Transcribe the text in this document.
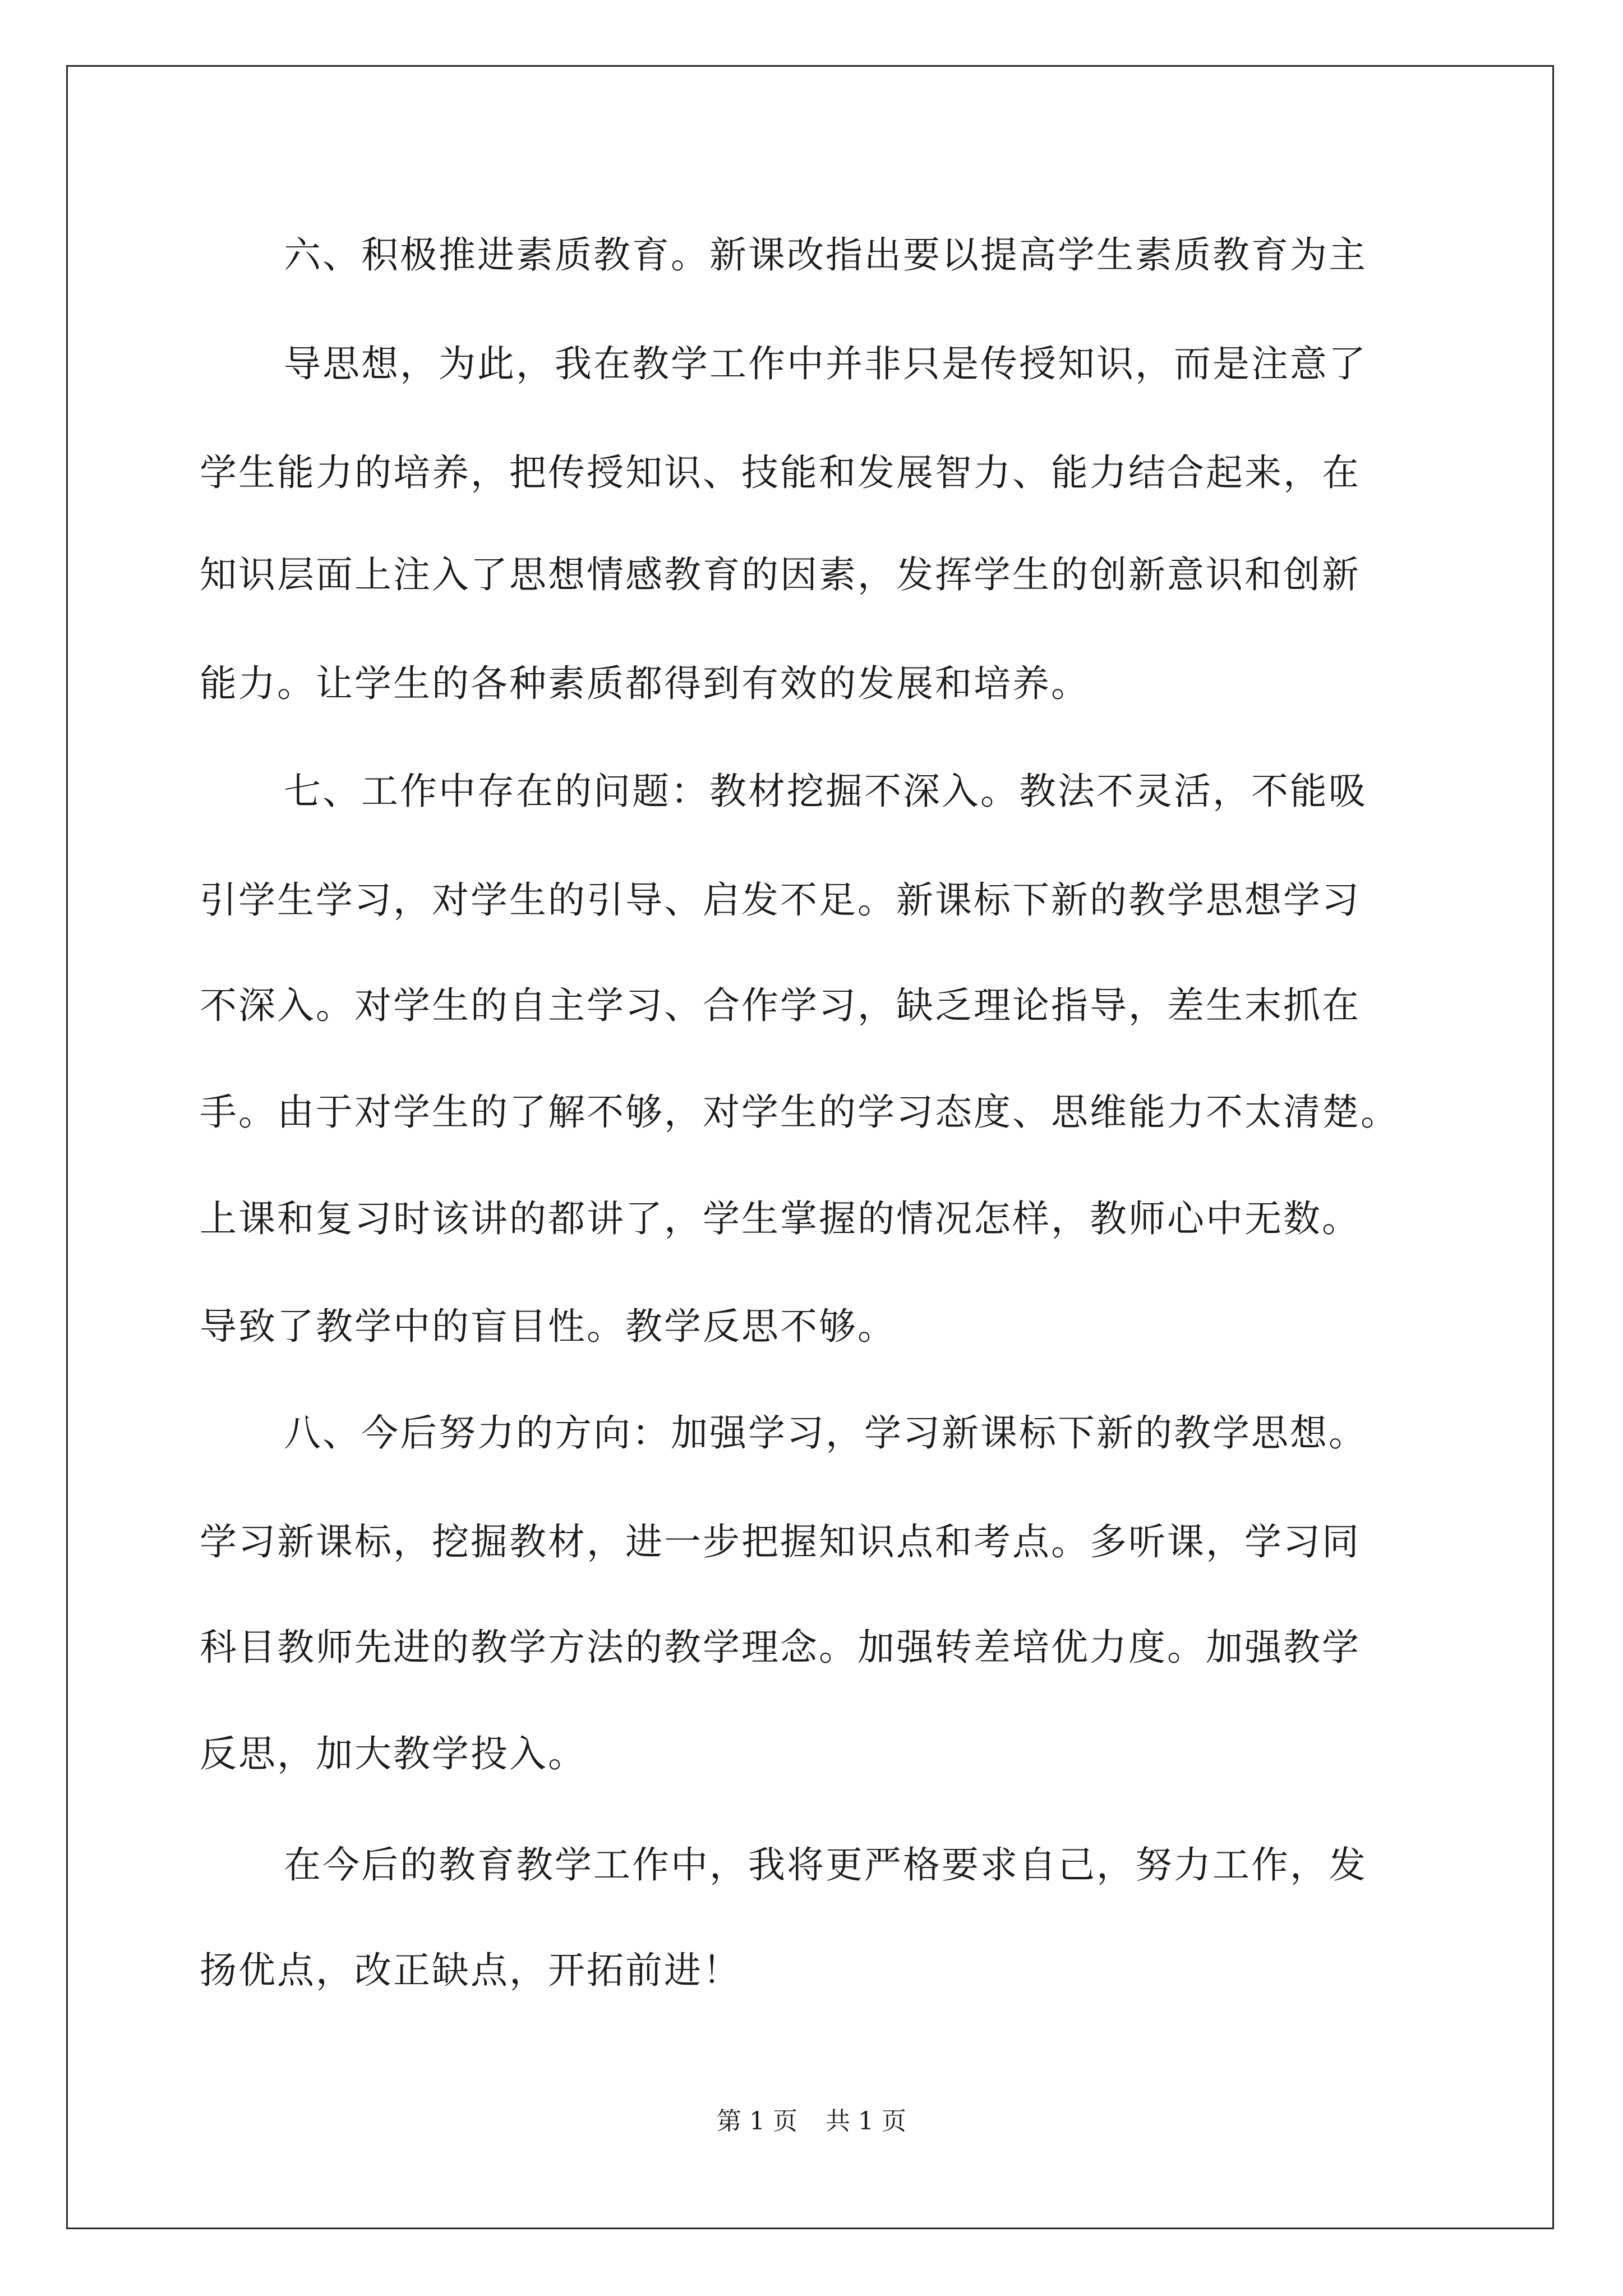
六、积极推进素质教育。新课改指出要以提高学生素质教育为主
导思想，为此，我在教学工作中并非只是传授知识，而是注意了
学生能力的培养，把传授知识、技能和发展智力、能力结合起来，在
知识层面上注入了思想情感教育的因素，发挥学生的创新意识和创新
能力。让学生的各种素质都得到有效的发展和培养。
七、工作中存在的问题：教材挖掘不深入。教法不灵活，不能吸
引学生学习，对学生的引导、启发不足。新课标下新的教学思想学习
不深入。对学生的自主学习、合作学习，缺乏理论指导，差生末抓在
手。由于对学生的了解不够，对学生的学习态度、思维能力不太清楚。
上课和复习时该讲的都讲了，学生掌握的情况怎样，教师心中无数。
导致了教学中的盲目性。教学反思不够。
八、今后努力的方向：加强学习，学习新课标下新的教学思想。
学习新课标，挖掘教材，进一步把握知识点和考点。多听课，学习同
科目教师先进的教学方法的教学理念。加强转差培优力度。加强教学
反思，加大教学投入。
在今后的教育教学工作中，我将更严格要求自己，努力工作，发
扬优点，改正缺点，开拓前进！
第 1 页 共 1 页
